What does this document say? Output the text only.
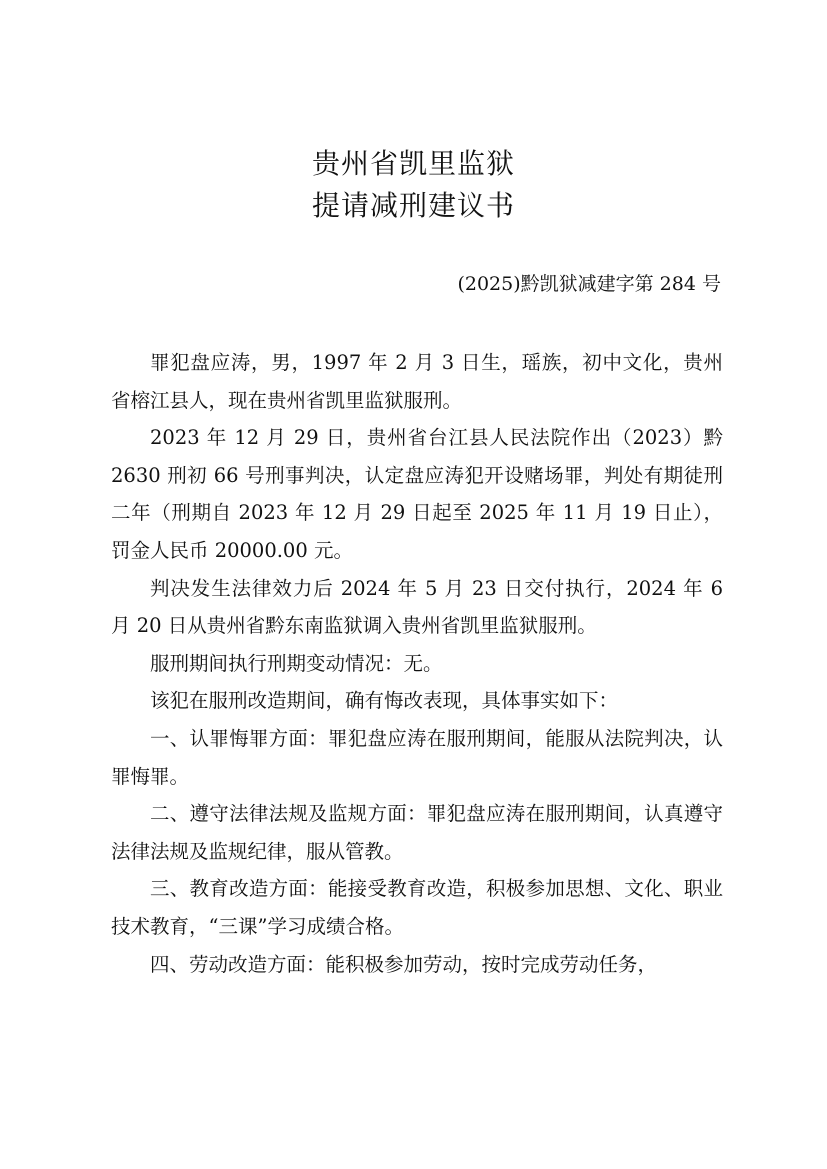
贵州省凯里监狱
提请减刑建议书
(2025)黔凯狱减建字第 284 号

罪犯盘应涛，男，1997 年 2 月 3 日生，瑶族，初中文化，贵州省榕江县人，现在贵州省凯里监狱服刑。

2023 年 12 月 29 日，贵州省台江县人民法院作出（2023）黔 2630 刑初 66 号刑事判决，认定盘应涛犯开设赌场罪，判处有期徒刑二年（刑期自 2023 年 12 月 29 日起至 2025 年 11 月 19 日止），罚金人民币 20000.00 元。

判决发生法律效力后 2024 年 5 月 23 日交付执行，2024 年 6 月 20 日从贵州省黔东南监狱调入贵州省凯里监狱服刑。

服刑期间执行刑期变动情况：无。

该犯在服刑改造期间，确有悔改表现，具体事实如下：

一、认罪悔罪方面：罪犯盘应涛在服刑期间，能服从法院判决，认罪悔罪。

二、遵守法律法规及监规方面：罪犯盘应涛在服刑期间，认真遵守法律法规及监规纪律，服从管教。

三、教育改造方面：能接受教育改造，积极参加思想、文化、职业技术教育，“三课”学习成绩合格。

四、劳动改造方面：能积极参加劳动，按时完成劳动任务，
